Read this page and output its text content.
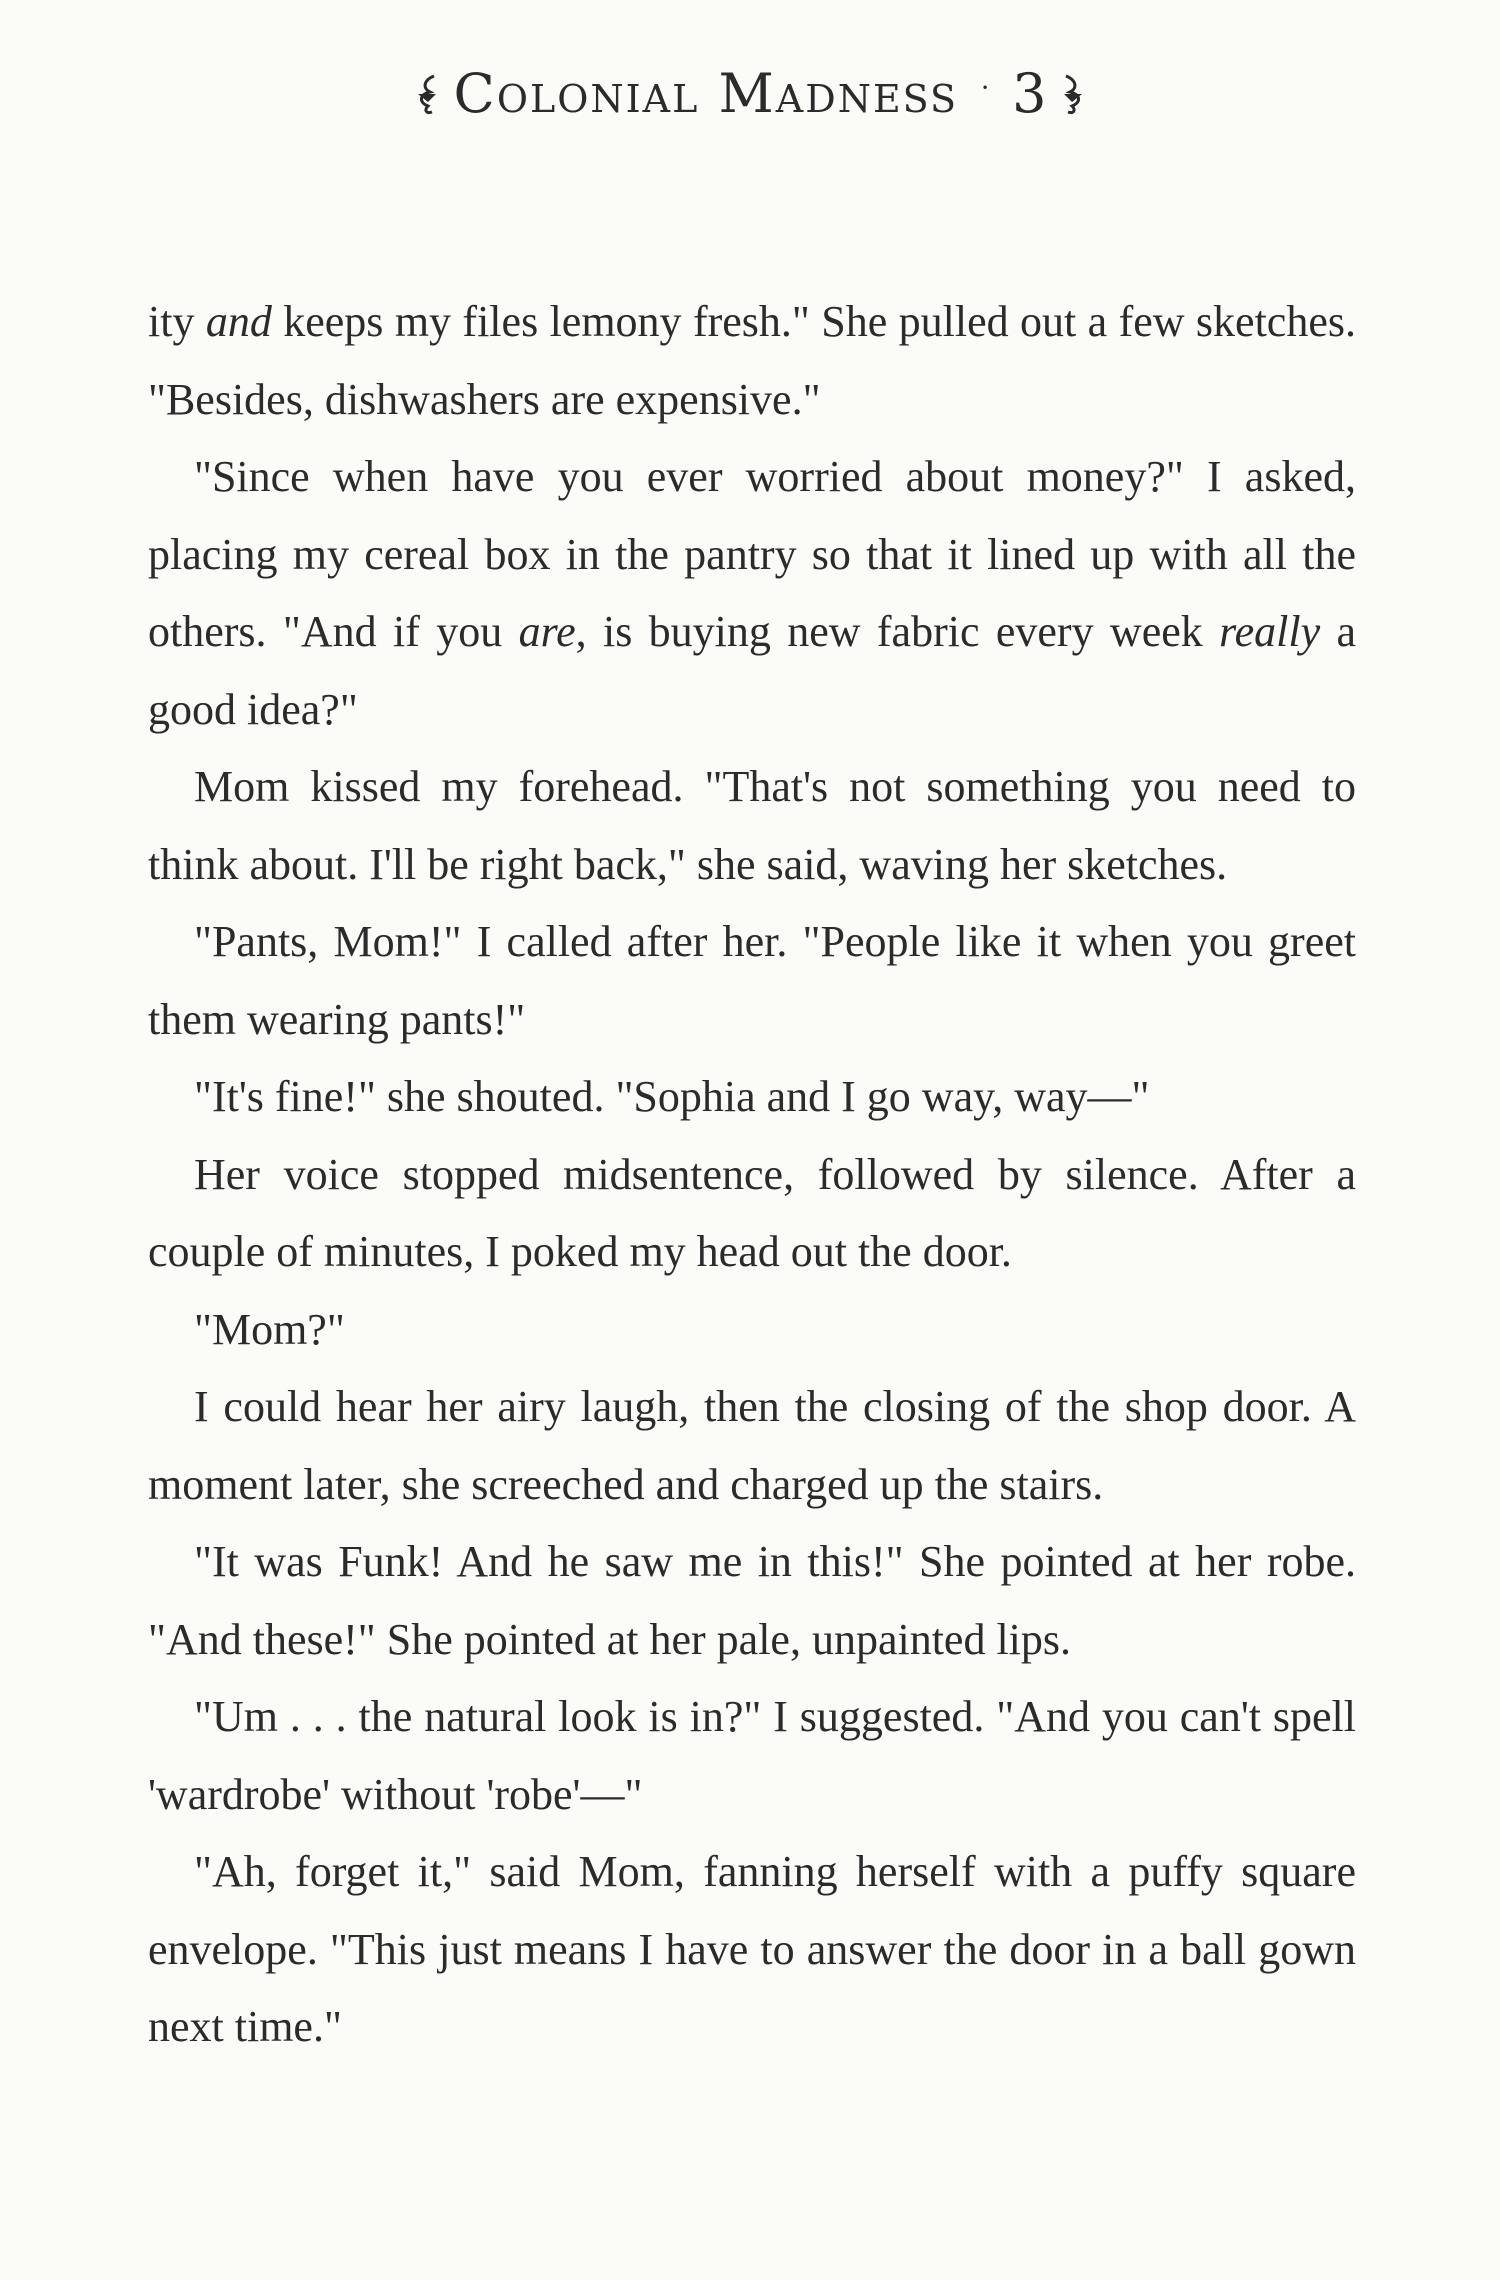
Colonial Madness · 3

ity and keeps my files lemony fresh." She pulled out a few sketches. "Besides, dishwashers are expensive."

"Since when have you ever worried about money?" I asked, placing my cereal box in the pantry so that it lined up with all the others. "And if you are, is buying new fabric every week really a good idea?"

Mom kissed my forehead. "That's not something you need to think about. I'll be right back," she said, waving her sketches.

"Pants, Mom!" I called after her. "People like it when you greet them wearing pants!"

"It's fine!" she shouted. "Sophia and I go way, way—"

Her voice stopped midsentence, followed by silence. After a couple of minutes, I poked my head out the door.

"Mom?"

I could hear her airy laugh, then the closing of the shop door. A moment later, she screeched and charged up the stairs.

"It was Funk! And he saw me in this!" She pointed at her robe. "And these!" She pointed at her pale, unpainted lips.

"Um . . . the natural look is in?" I suggested. "And you can't spell 'wardrobe' without 'robe'—"

"Ah, forget it," said Mom, fanning herself with a puffy square envelope. "This just means I have to answer the door in a ball gown next time."
